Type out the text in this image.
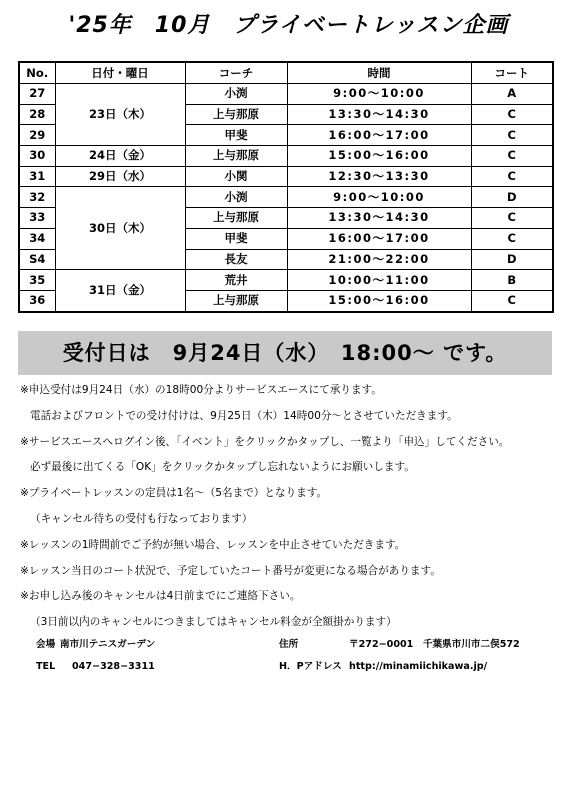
'25年　10月　プライベートレッスン企画
No.	日付・曜日	コーチ	時間	コート
27	23日（木）	小渕	9:00〜10:00	A
28		上与那原	13:30〜14:30	C
29		甲斐	16:00〜17:00	C
30	24日（金）	上与那原	15:00〜16:00	C
31	29日（水）	小関	12:30〜13:30	C
32	30日（木）	小渕	9:00〜10:00	D
33		上与那原	13:30〜14:30	C
34		甲斐	16:00〜17:00	C
S4		長友	21:00〜22:00	D
35	31日（金）	荒井	10:00〜11:00	B
36		上与那原	15:00〜16:00	C
受付日は　9月24日（水）　18:00〜 です。

※申込受付は9月24日（水）の18時00分よりサービスエースにて承ります。

電話およびフロントでの受け付けは、9月25日（木）14時00分〜とさせていただきます。

※サービスエースへログイン後、「イベント」をクリックかタップし、一覧より「申込」してください。

必ず最後に出てくる「OK」をクリックかタップし忘れないようにお願いします。

※プライベートレッスンの定員は1名〜（5名まで）となります。

（キャンセル待ちの受付も行なっております）

※レッスンの1時間前でご予約が無い場合、レッスンを中止させていただきます。

※レッスン当日のコート状況で、予定していたコート番号が変更になる場合があります。

※お申し込み後のキャンセルは4日前までにご連絡下さい。

（3日前以内のキャンセルにつきましてはキャンセル料金が全額掛かります）

会場 南市川テニスガーデン	住所	〒272−0001　千葉県市川市二俣572
TEL 047−328−3311	H．Pアドレス http://minamiichikawa.jp/
